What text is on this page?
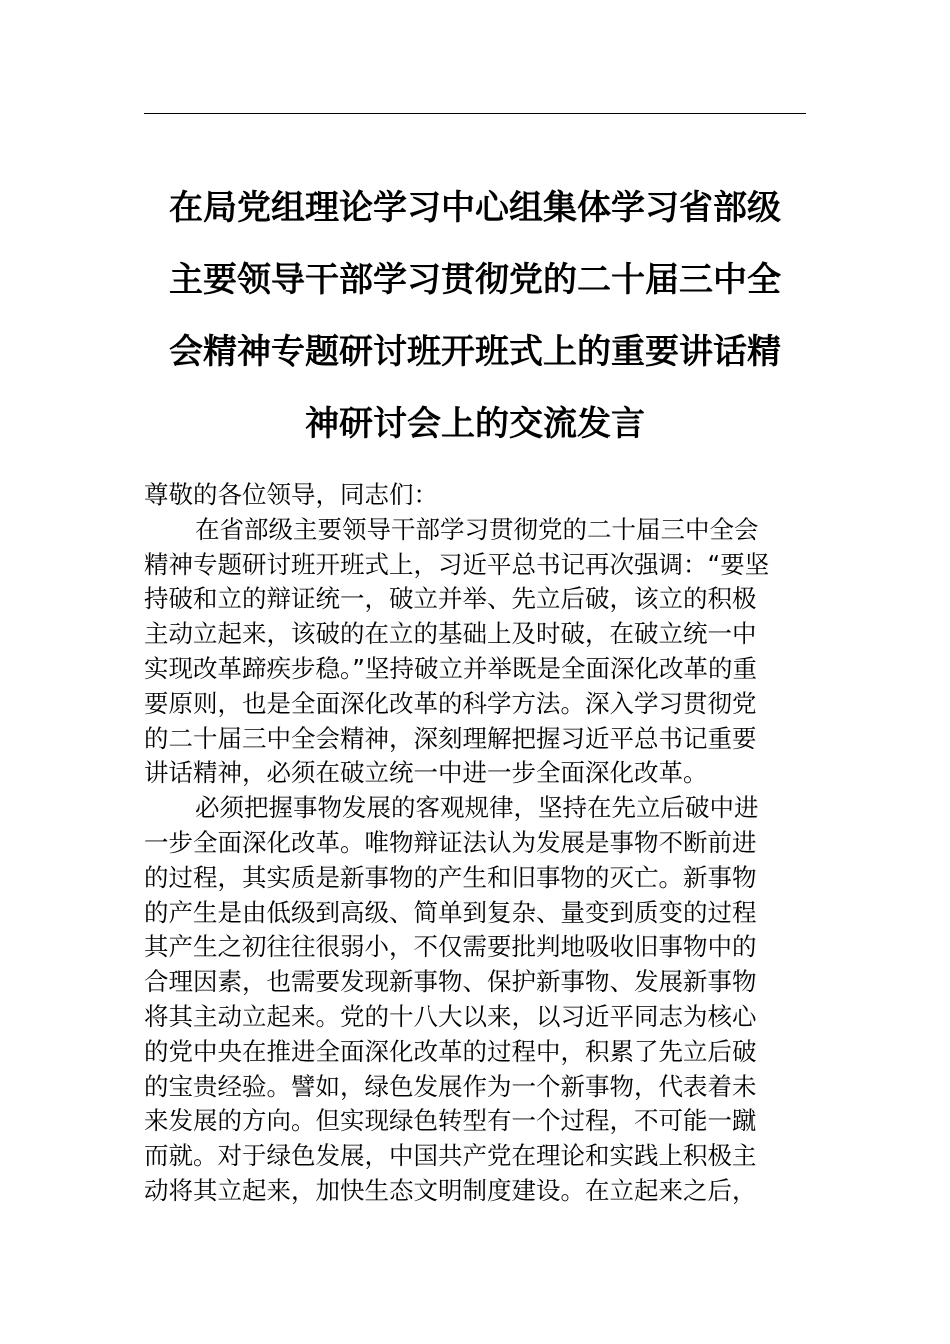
在局党组理论学习中心组集体学习省部级
主要领导干部学习贯彻党的二十届三中全
会精神专题研讨班开班式上的重要讲话精
神研讨会上的交流发言
尊敬的各位领导，同志们：
在省部级主要领导干部学习贯彻党的二十届三中全会
精神专题研讨班开班式上，习近平总书记再次强调：“要坚
持破和立的辩证统一，破立并举、先立后破，该立的积极
主动立起来，该破的在立的基础上及时破，在破立统一中
实现改革蹄疾步稳。”坚持破立并举既是全面深化改革的重
要原则，也是全面深化改革的科学方法。深入学习贯彻党
的二十届三中全会精神，深刻理解把握习近平总书记重要
讲话精神，必须在破立统一中进一步全面深化改革。
必须把握事物发展的客观规律，坚持在先立后破中进
一步全面深化改革。唯物辩证法认为发展是事物不断前进
的过程，其实质是新事物的产生和旧事物的灭亡。新事物
的产生是由低级到高级、简单到复杂、量变到质变的过程
其产生之初往往很弱小，不仅需要批判地吸收旧事物中的
合理因素，也需要发现新事物、保护新事物、发展新事物
将其主动立起来。党的十八大以来，以习近平同志为核心
的党中央在推进全面深化改革的过程中，积累了先立后破
的宝贵经验。譬如，绿色发展作为一个新事物，代表着未
来发展的方向。但实现绿色转型有一个过程，不可能一蹴
而就。对于绿色发展，中国共产党在理论和实践上积极主
动将其立起来，加快生态文明制度建设。在立起来之后，
